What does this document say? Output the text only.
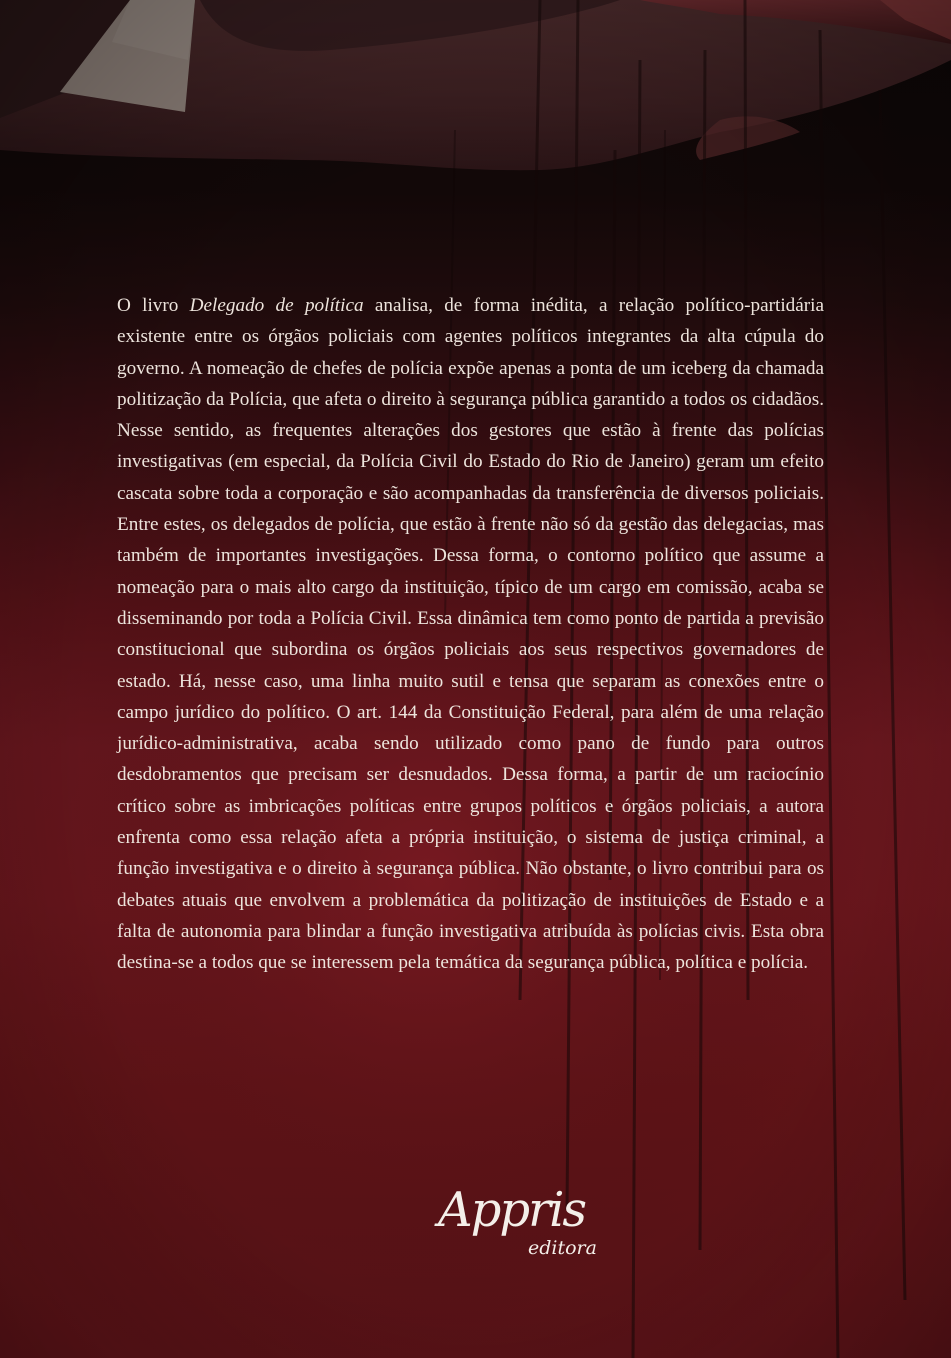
O livro Delegado de política analisa, de forma inédita, a relação político-partidária existente entre os órgãos policiais com agentes políticos integrantes da alta cúpula do governo. A nomeação de chefes de polícia expõe apenas a ponta de um iceberg da chamada politização da Polícia, que afeta o direito à segurança pública garantido a todos os cidadãos. Nesse sentido, as frequentes alterações dos gestores que estão à frente das polícias investigativas (em especial, da Polícia Civil do Estado do Rio de Janeiro) geram um efeito cascata sobre toda a corporação e são acompanhadas da transferência de diversos policiais. Entre estes, os delegados de polícia, que estão à frente não só da gestão das delegacias, mas também de importantes investigações. Dessa forma, o contorno político que assume a nomeação para o mais alto cargo da instituição, típico de um cargo em comissão, acaba se disseminando por toda a Polícia Civil. Essa dinâmica tem como ponto de partida a previsão constitucional que subordina os órgãos policiais aos seus respectivos governadores de estado. Há, nesse caso, uma linha muito sutil e tensa que separam as conexões entre o campo jurídico do político. O art. 144 da Constituição Federal, para além de uma relação jurídico-administrativa, acaba sendo utilizado como pano de fundo para outros desdobramentos que precisam ser desnudados. Dessa forma, a partir de um raciocínio crítico sobre as imbricações políticas entre grupos políticos e órgãos policiais, a autora enfrenta como essa relação afeta a própria instituição, o sistema de justiça criminal, a função investigativa e o direito à segurança pública. Não obstante, o livro contribui para os debates atuais que envolvem a problemática da politização de instituições de Estado e a falta de autonomia para blindar a função investigativa atribuída às polícias civis. Esta obra destina-se a todos que se interessem pela temática da segurança pública, política e polícia.
Appris
editora
